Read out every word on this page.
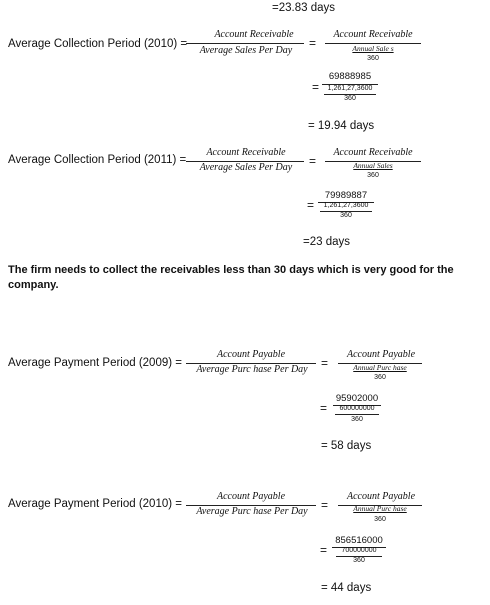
=23.83 days
Average Collection Period (2010) =
Account Receivable
Average Sales Per Day
=
Account Receivable
Annual Sale s
360
=
69888985
1,261,27,3600
360
= 19.94 days
Average Collection Period (2011) =
Account Receivable
Average Sales Per Day	=
Account Receivable
Annual Sales
360
=
79989887
1,261,27,3600
360
=23 days
The firm needs to collect the receivables less than 30 days which is very good for the company.
Average Payment Period (2009) =
Account Payable
Average Purc hase Per Day	=
Account Payable
Annual Purc hase
360
=
95902000
600000000
360
= 58 days
Average Payment Period (2010) =
Account Payable
Average Purc hase Per Day	=
Account Payable
Annual Purc hase
360
=
856516000
700000000
360
= 44 days
